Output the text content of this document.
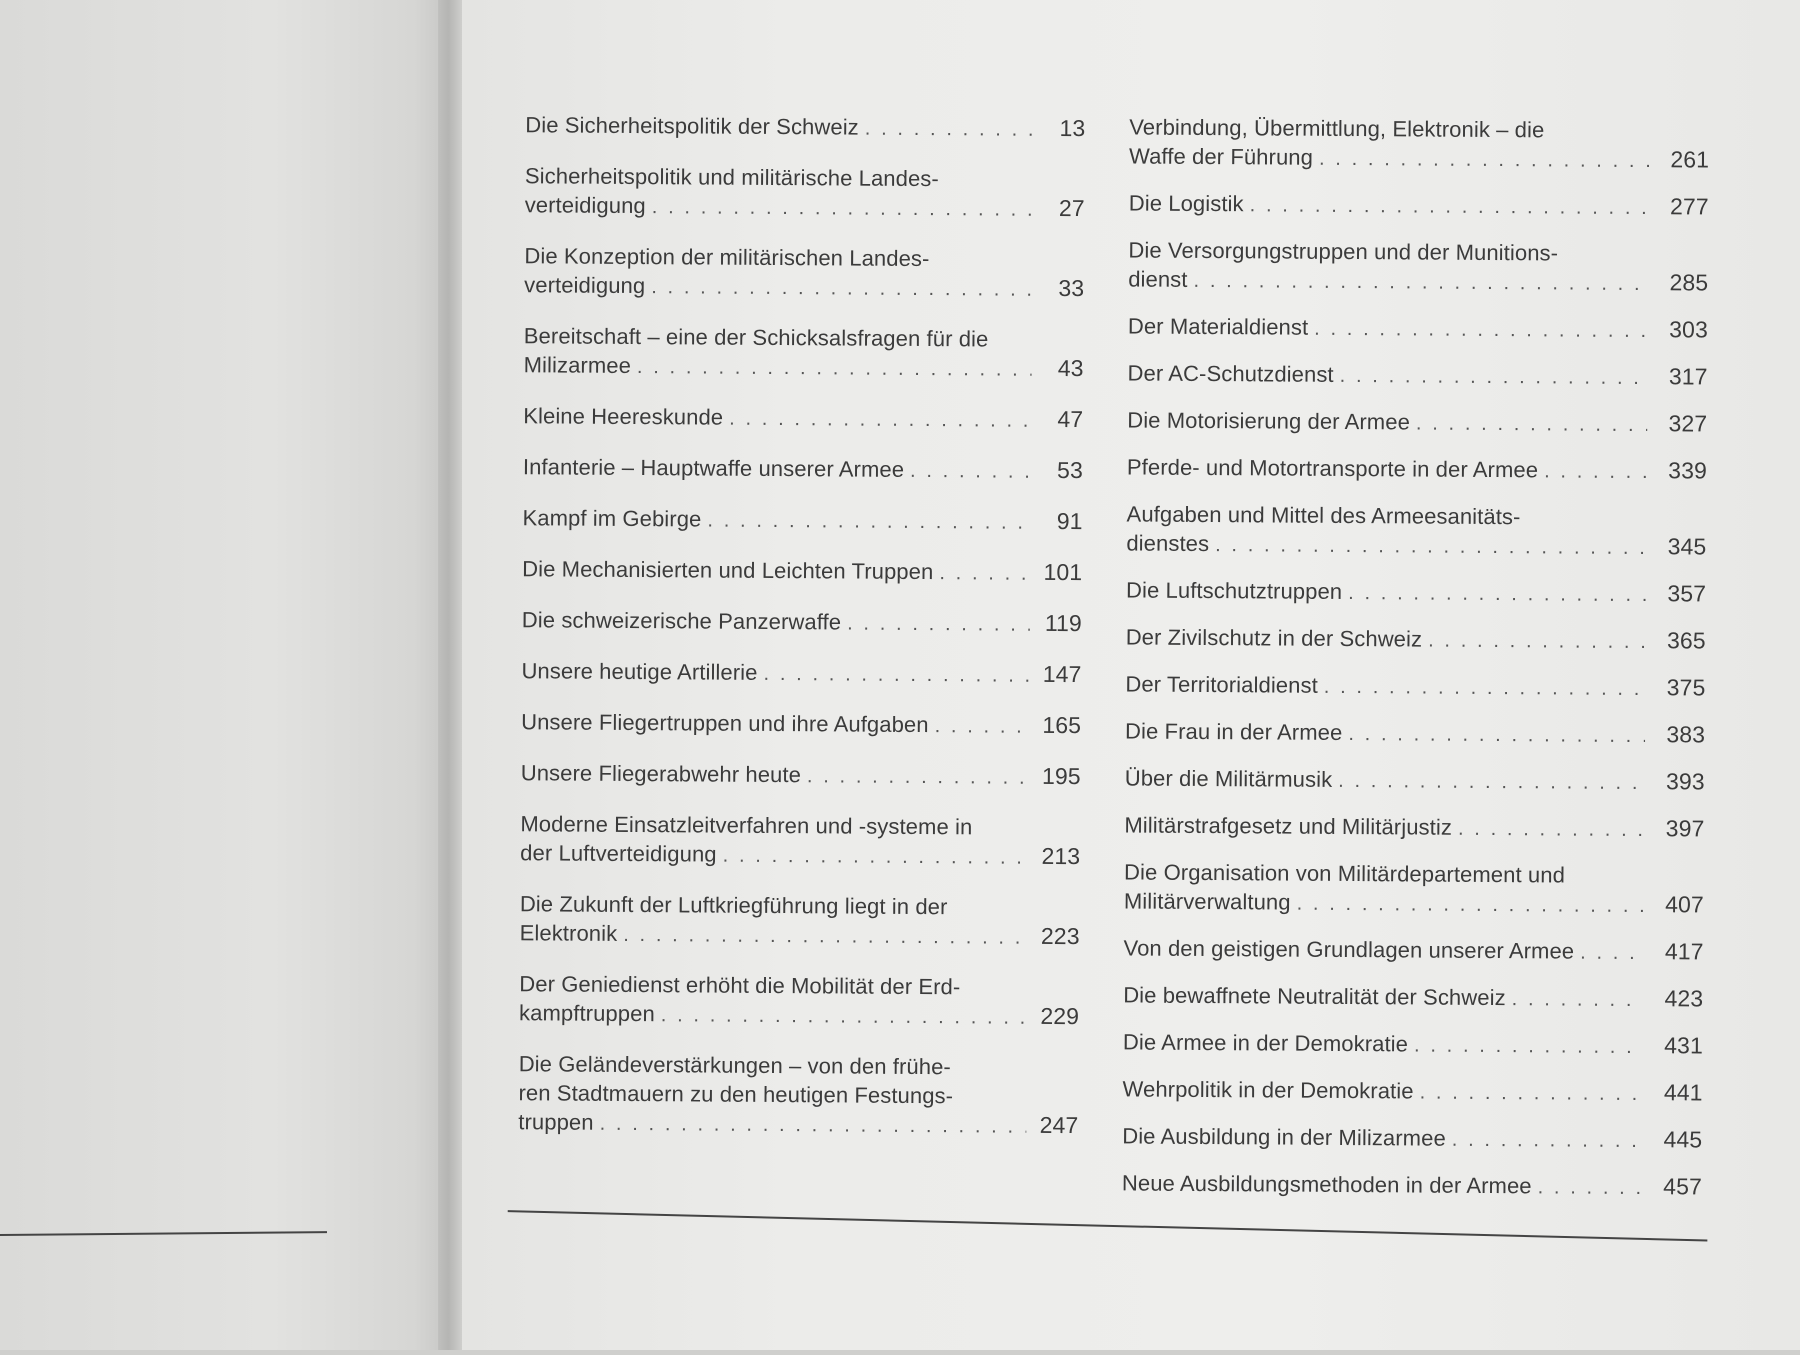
Die Sicherheitspolitik der Schweiz . . .	13
Sicherheitspolitik und militärische Landes-
verteidigung . . .	27
Die Konzeption der militärischen Landes-
verteidigung . . .	33
Bereitschaft – eine der Schicksalsfragen für die
Milizarmee . . .	43
Kleine Heereskunde . . .	47
Infanterie – Hauptwaffe unserer Armee . . .	53
Kampf im Gebirge . . .	91
Die Mechanisierten und Leichten Truppen . . .	101
Die schweizerische Panzerwaffe . . .	119
Unsere heutige Artillerie . . .	147
Unsere Fliegertruppen und ihre Aufgaben . . .	165
Unsere Fliegerabwehr heute . . .	195
Moderne Einsatzleitverfahren und -systeme in
der Luftverteidigung . . .	213
Die Zukunft der Luftkriegführung liegt in der
Elektronik . . .	223
Der Geniedienst erhöht die Mobilität der Erd-
kampftruppen . . .	229
Die Geländeverstärkungen – von den frühe-
ren Stadtmauern zu den heutigen Festungs-
truppen . . .	247
Verbindung, Übermittlung, Elektronik – die
Waffe der Führung . . .	261
Die Logistik . . .	277
Die Versorgungstruppen und der Munitions-
dienst . . .	285
Der Materialdienst . . .	303
Der AC-Schutzdienst . . .	317
Die Motorisierung der Armee . . .	327
Pferde- und Motortransporte in der Armee . . .	339
Aufgaben und Mittel des Armeesanitäts-
dienstes . . .	345
Die Luftschutztruppen . . .	357
Der Zivilschutz in der Schweiz . . .	365
Der Territorialdienst . . .	375
Die Frau in der Armee . . .	383
Über die Militärmusik . . .	393
Militärstrafgesetz und Militärjustiz . . .	397
Die Organisation von Militärdepartement und
Militärverwaltung . . .	407
Von den geistigen Grundlagen unserer Armee . . .	417
Die bewaffnete Neutralität der Schweiz . . .	423
Die Armee in der Demokratie . . .	431
Wehrpolitik in der Demokratie . . .	441
Die Ausbildung in der Milizarmee . . .	445
Neue Ausbildungsmethoden in der Armee . . .	457
